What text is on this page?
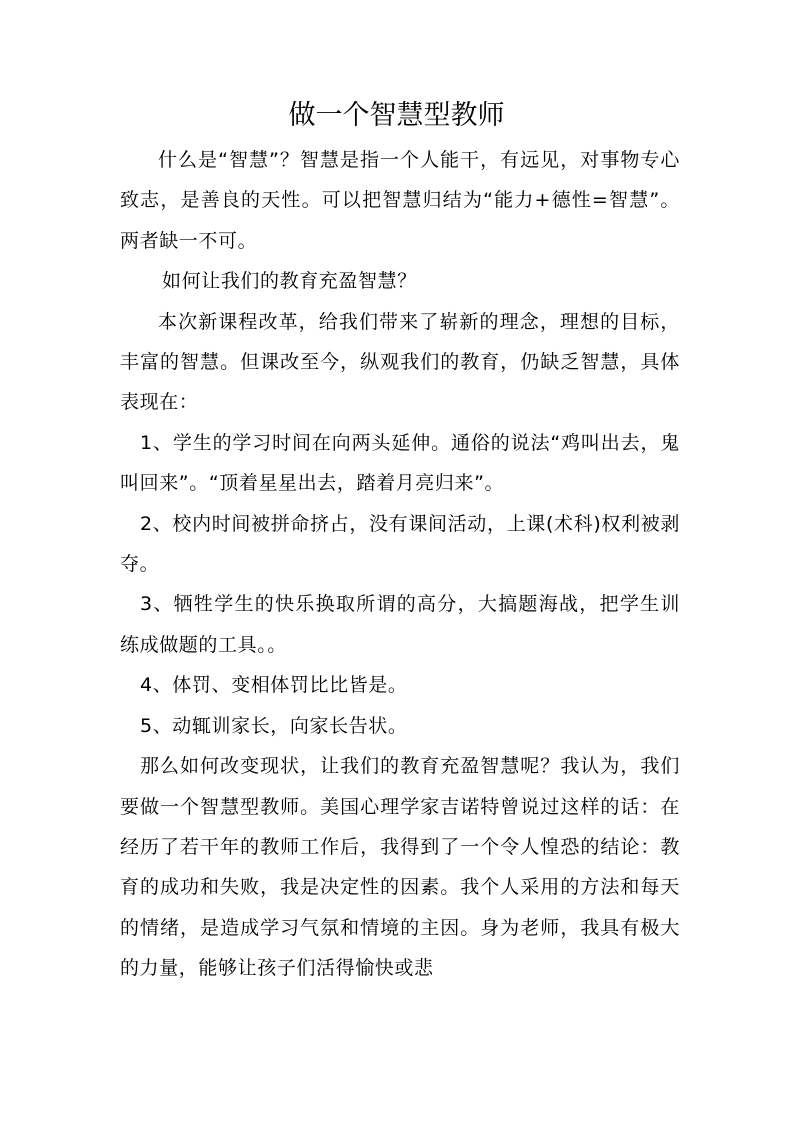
做一个智慧型教师

什么是“智慧”？智慧是指一个人能干，有远见，对事物专心致志，是善良的天性。可以把智慧归结为“能力+德性=智慧”。两者缺一不可。

如何让我们的教育充盈智慧？

本次新课程改革，给我们带来了崭新的理念，理想的目标，丰富的智慧。但课改至今，纵观我们的教育，仍缺乏智慧，具体表现在：

1、学生的学习时间在向两头延伸。通俗的说法“鸡叫出去，鬼叫回来”。“顶着星星出去，踏着月亮归来”。

2、校内时间被拼命挤占，没有课间活动，上课(术科)权利被剥夺。

3、牺牲学生的快乐换取所谓的高分，大搞题海战，把学生训练成做题的工具。。

4、体罚、变相体罚比比皆是。

5、动辄训家长，向家长告状。

那么如何改变现状，让我们的教育充盈智慧呢？我认为，我们要做一个智慧型教师。美国心理学家吉诺特曾说过这样的话：在经历了若干年的教师工作后，我得到了一个令人惶恐的结论：教育的成功和失败，我是决定性的因素。我个人采用的方法和每天的情绪，是造成学习气氛和情境的主因。身为老师，我具有极大的力量，能够让孩子们活得愉快或悲
